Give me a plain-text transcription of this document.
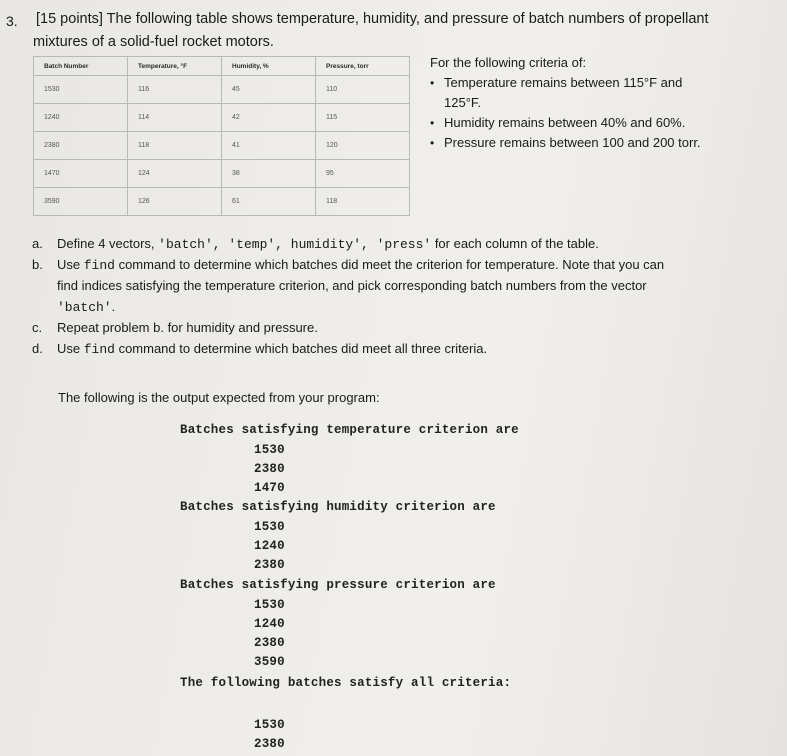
3. [15 points] The following table shows temperature, humidity, and pressure of batch numbers of propellant
mixtures of a solid-fuel rocket motors.
Batch Number	Temperature, °F	Humidity, %	Pressure, torr
1530	116	45	110
1240	114	42	115
2380	118	41	120
1470	124	38	95
3590	126	61	118
For the following criteria of:
• Temperature remains between 115°F and
125°F.
• Humidity remains between 40% and 60%.
• Pressure remains between 100 and 200 torr.
a. Define 4 vectors, 'batch', 'temp', humidity', 'press' for each column of the table.
b. Use find command to determine which batches did meet the criterion for temperature. Note that you can
find indices satisfying the temperature criterion, and pick corresponding batch numbers from the vector
'batch'.
c. Repeat problem b. for humidity and pressure.
d. Use find command to determine which batches did meet all three criteria.
The following is the output expected from your program:
Batches satisfying temperature criterion are
1530
2380
1470
Batches satisfying humidity criterion are
1530
1240
2380
Batches satisfying pressure criterion are
1530
1240
2380
3590
The following batches satisfy all criteria:
1530
2380
